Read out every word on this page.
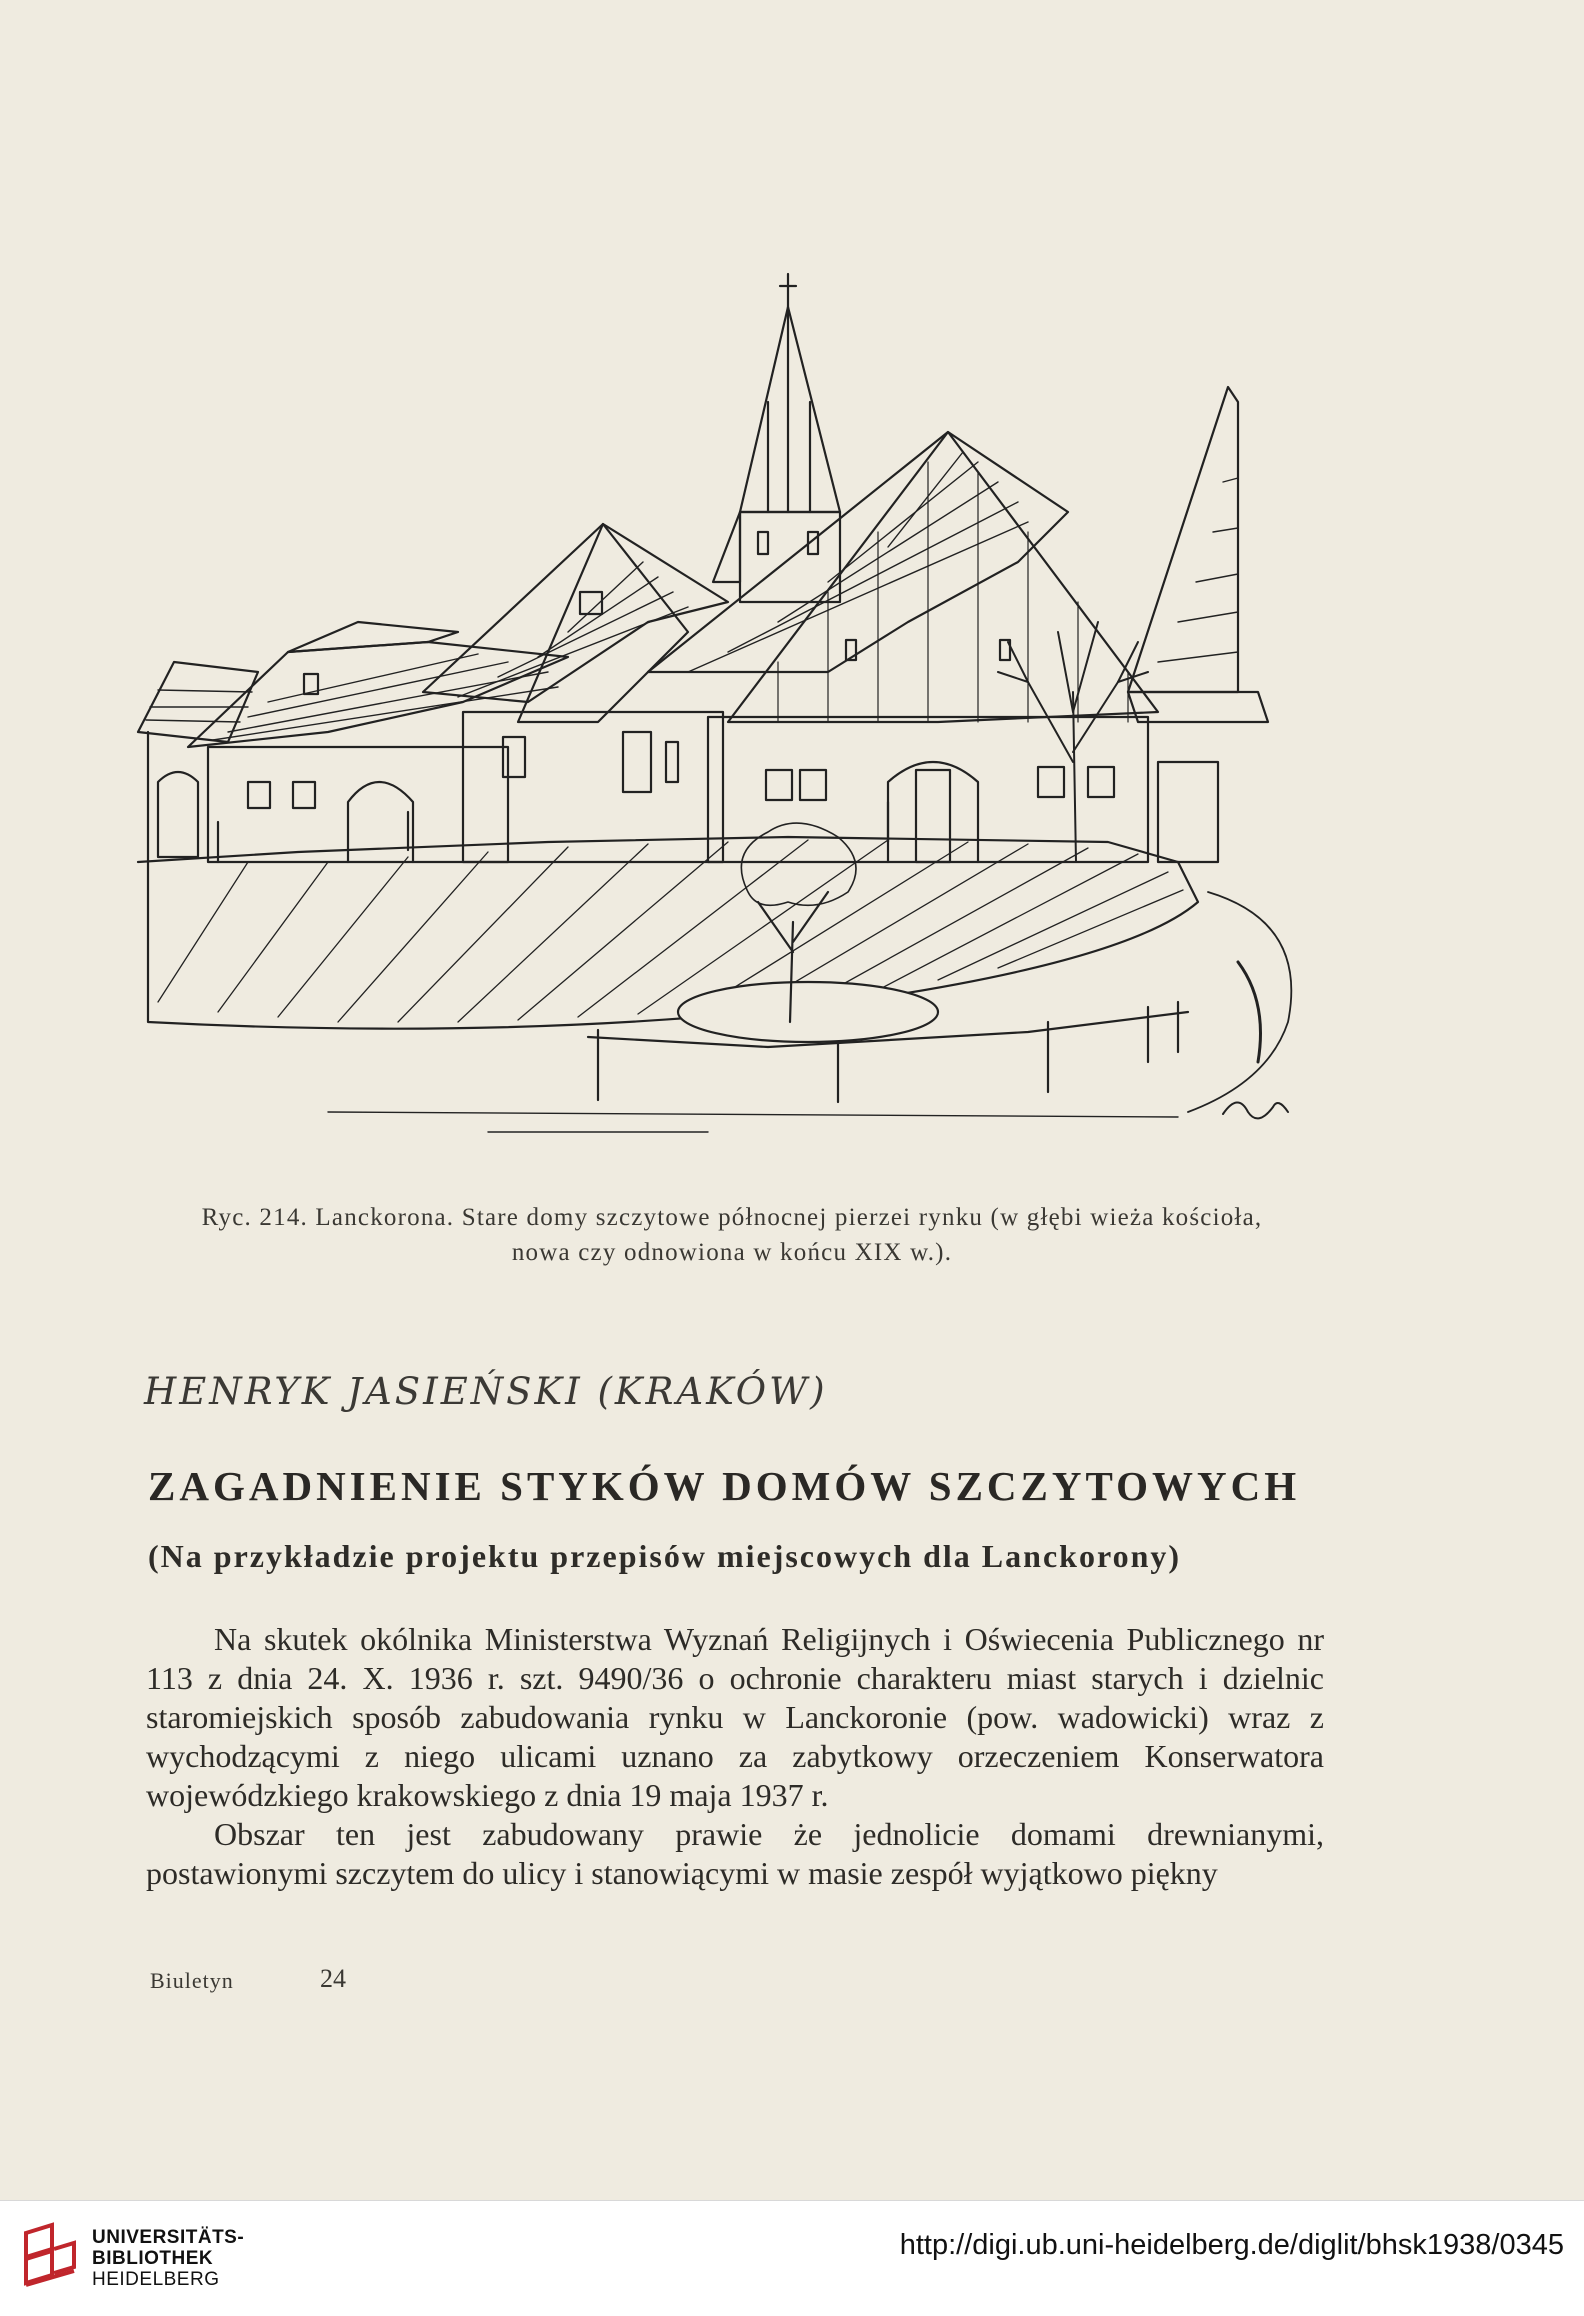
Ryc. 214. Lanckorona. Stare domy szczytowe północnej pierzei rynku (w głębi wieża kościoła,
nowa czy odnowiona w końcu XIX w.).
HENRYK JASIEŃSKI (KRAKÓW)
ZAGADNIENIE STYKÓW DOMÓW SZCZYTOWYCH
(Na przykładzie projektu przepisów miejscowych dla Lanckorony)

Na skutek okólnika Ministerstwa Wyznań Religijnych i Oświecenia Publicznego nr 113 z dnia 24. X. 1936 r. szt. 9490/36 o ochronie charakteru miast starych i dzielnic staromiejskich sposób zabudowania rynku w Lanckoronie (pow. wadowicki) wraz z wychodzącymi z niego ulicami uznano za zabytkowy orzeczeniem Konserwatora wojewódzkiego krakowskiego z dnia 19 maja 1937 r.

Obszar ten jest zabudowany prawie że jednolicie domami drewnianymi, postawionymi szczytem do ulicy i stanowiącymi w masie zespół wyjątkowo piękny

Biuletyn	24
UNIVERSITÄTS-
BIBLIOTHEK
HEIDELBERG
http://digi.ub.uni-heidelberg.de/diglit/bhsk1938/0345
